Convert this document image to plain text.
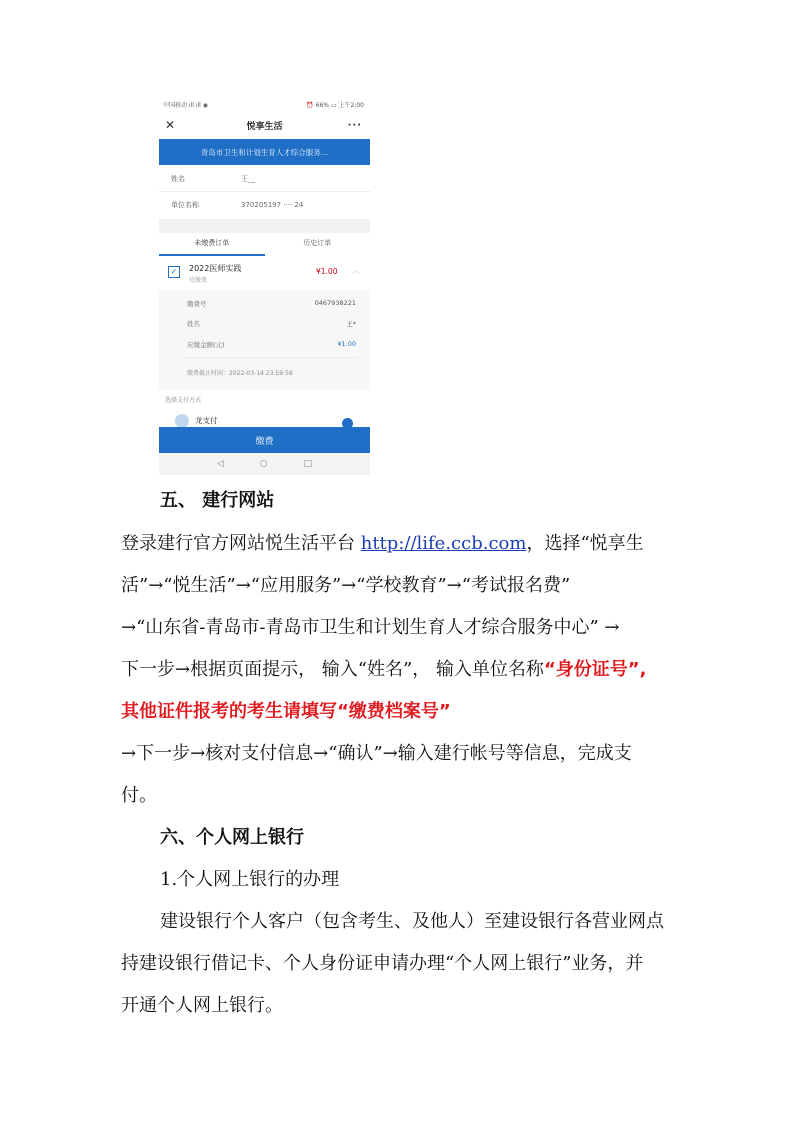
中国移动 ıll ıll ◉	⏰ 66% ▭ 上午2:00
✕	悦享生活	···
青岛市卫生和计划生育人才综合服务…
姓名	王__
单位名称	370205197 ···· 24
未缴费订单	历史订单
✓	2022医师实践
待缴费
¥1.00 ︿
缴费号	0467938221
姓名	王*
应缴金额(元)	¥1.00
缴费截止时间：2022-03-14 23:59:59
选择支付方式
龙支付
缴费
◁	○	□
五、 建行网站
登录建行官方网站悦生活平台 http://life.ccb.com，选择“悦享生
活”→“悦生活”→“应用服务”→“学校教育”→“考试报名费”
→“山东省-青岛市-青岛市卫生和计划生育人才综合服务中心” →
下一步→根据页面提示， 输入“姓名”， 输入单位名称“身份证号”,
其他证件报考的考生请填写“缴费档案号”
→下一步→核对支付信息→“确认”→输入建行帐号等信息，完成支
付。
六、个人网上银行
1.个人网上银行的办理
建设银行个人客户（包含考生、及他人）至建设银行各营业网点
持建设银行借记卡、个人身份证申请办理“个人网上银行”业务，并
开通个人网上银行。
